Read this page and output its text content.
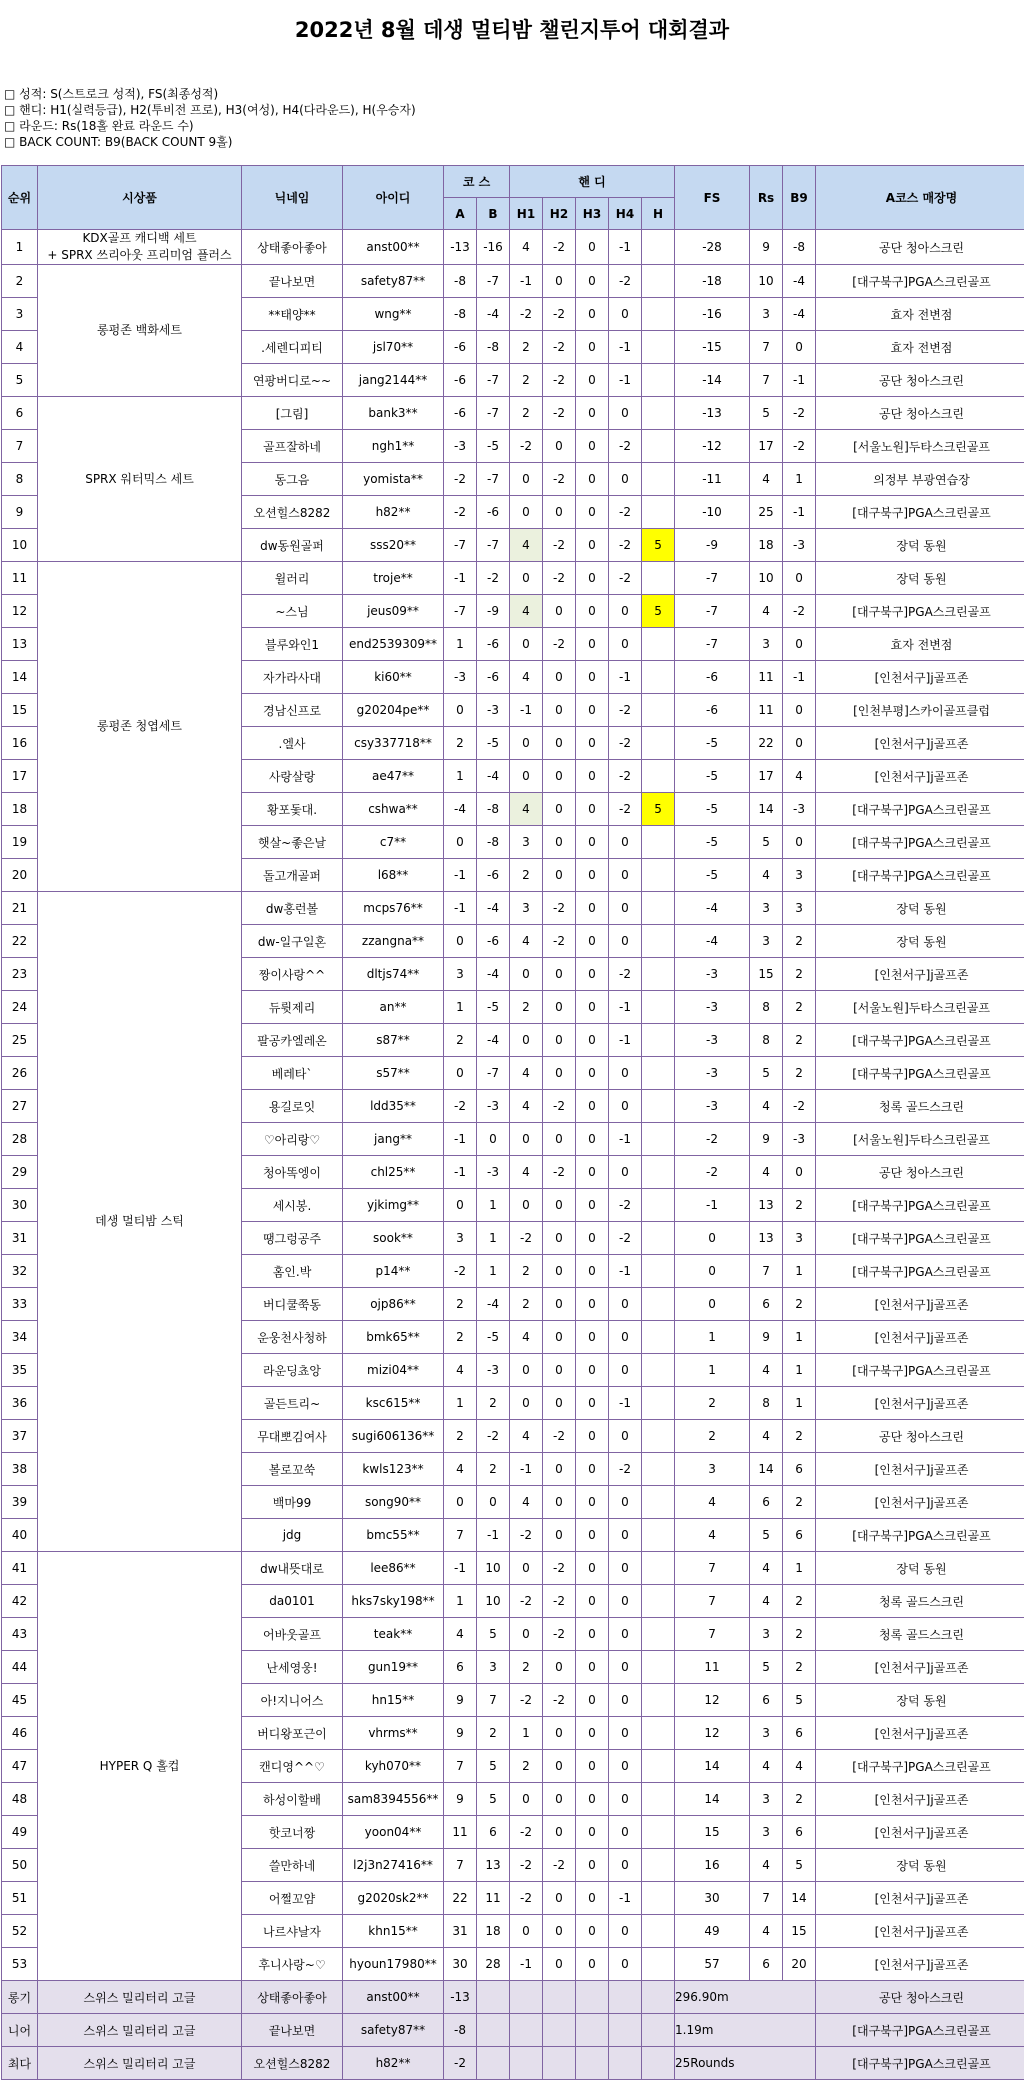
2022년 8월 데생 멀티밤 챌린지투어 대회결과
□ 성적: S(스트로크 성적), FS(최종성적)
□ 핸디: H1(실력등급), H2(투비전 프로), H3(여성), H4(다라운드), H(우승자)
□ 라운드: Rs(18홀 완료 라운드 수)
□ BACK COUNT: B9(BACK COUNT 9홀)
순위	시상품	닉네임	아이디	코 스		핸 디					FS	Rs	B9	A코스 매장명
				A	B	H1	H2	H3	H4	H				
1	KDX골프 캐디백 세트
+ SPRX 쓰리아웃 프리미엄 플러스	상태좋아좋아	anst00**	-13	-16	4	-2	0	-1		-28	9	-8	공단 청아스크린
2	롱펑존 백화세트	끝나보면	safety87**	-8	-7	-1	0	0	-2		-18	10	-4	[대구북구]PGA스크린골프
3		**태양**	wng**	-8	-4	-2	-2	0	0		-16	3	-4	효자 전변점
4		.세렌디피티	jsl70**	-6	-8	2	-2	0	-1		-15	7	0	효자 전변점
5		연팡버디로~~	jang2144**	-6	-7	2	-2	0	-1		-14	7	-1	공단 청아스크린
6	SPRX 워터믹스 세트	[그림]	bank3**	-6	-7	2	-2	0	0		-13	5	-2	공단 청아스크린
7		골프잘하네	ngh1**	-3	-5	-2	0	0	-2		-12	17	-2	[서울노원]두타스크린골프
8		동그음	yomista**	-2	-7	0	-2	0	0		-11	4	1	의정부 부광연습장
9		오션힐스8282	h82**	-2	-6	0	0	0	-2		-10	25	-1	[대구북구]PGA스크린골프
10		dw동원골퍼	sss20**	-7	-7	4	-2	0	-2	5	-9	18	-3	장덕 동원
11	롱펑존 청엽세트	윌러리	troje**	-1	-2	0	-2	0	-2		-7	10	0	장덕 동원
12		~스님	jeus09**	-7	-9	4	0	0	0	5	-7	4	-2	[대구북구]PGA스크린골프
13		블루와인1	end2539309**	1	-6	0	-2	0	0		-7	3	0	효자 전변점
14		자가라사대	ki60**	-3	-6	4	0	0	-1		-6	11	-1	[인천서구]j골프존
15		경남신프로	g20204pe**	0	-3	-1	0	0	-2		-6	11	0	[인천부평]스카이골프클럽
16		.엘사	csy337718**	2	-5	0	0	0	-2		-5	22	0	[인천서구]j골프존
17		사랑살랑	ae47**	1	-4	0	0	0	-2		-5	17	4	[인천서구]j골프존
18		황포돛대.	cshwa**	-4	-8	4	0	0	-2	5	-5	14	-3	[대구북구]PGA스크린골프
19		햇살~좋은날	c7**	0	-8	3	0	0	0		-5	5	0	[대구북구]PGA스크린골프
20		돌고개골퍼	l68**	-1	-6	2	0	0	0		-5	4	3	[대구북구]PGA스크린골프
21	데생 멀티밤 스틱	dw홍런볼	mcps76**	-1	-4	3	-2	0	0		-4	3	3	장덕 동원
22		dw-일구일혼	zzangna**	0	-6	4	-2	0	0		-4	3	2	장덕 동원
23		짱이사랑^^	dltjs74**	3	-4	0	0	0	-2		-3	15	2	[인천서구]j골프존
24		듀륏제리	an**	1	-5	2	0	0	-1		-3	8	2	[서울노원]두타스크린골프
25		팔공카엘레온	s87**	2	-4	0	0	0	-1		-3	8	2	[대구북구]PGA스크린골프
26		베레타`	s57**	0	-7	4	0	0	0		-3	5	2	[대구북구]PGA스크린골프
27		용길로잇	ldd35**	-2	-3	4	-2	0	0		-3	4	-2	청록 골드스크린
28		♡아리랑♡	jang**	-1	0	0	0	0	-1		-2	9	-3	[서울노원]두타스크린골프
29		청아똑엥이	chl25**	-1	-3	4	-2	0	0		-2	4	0	공단 청아스크린
30		세시봉.	yjkimg**	0	1	0	0	0	-2		-1	13	2	[대구북구]PGA스크린골프
31		땡그렁공주	sook**	3	1	-2	0	0	-2		0	13	3	[대구북구]PGA스크린골프
32		홈인.박	p14**	-2	1	2	0	0	-1		0	7	1	[대구북구]PGA스크린골프
33		버디쿨쭉동	ojp86**	2	-4	2	0	0	0		0	6	2	[인천서구]j골프존
34		운웅천사청하	bmk65**	2	-5	4	0	0	0		1	9	1	[인천서구]j골프존
35		라운딩쵸앙	mizi04**	4	-3	0	0	0	0		1	4	1	[대구북구]PGA스크린골프
36		골든트리~	ksc615**	1	2	0	0	0	-1		2	8	1	[인천서구]j골프존
37		무대뽀김여사	sugi606136**	2	-2	4	-2	0	0		2	4	2	공단 청아스크린
38		볼로꼬쑥	kwls123**	4	2	-1	0	0	-2		3	14	6	[인천서구]j골프존
39		백마99	song90**	0	0	4	0	0	0		4	6	2	[인천서구]j골프존
40		jdg	bmc55**	7	-1	-2	0	0	0		4	5	6	[대구북구]PGA스크린골프
41	HYPER Q 홀컵	dw내뜻대로	lee86**	-1	10	0	-2	0	0		7	4	1	장덕 동원
42		da0101	hks7sky198**	1	10	-2	-2	0	0		7	4	2	청록 골드스크린
43		어바웃골프	teak**	4	5	0	-2	0	0		7	3	2	청록 골드스크린
44		난세영웅!	gun19**	6	3	2	0	0	0		11	5	2	[인천서구]j골프존
45		아!지니어스	hn15**	9	7	-2	-2	0	0		12	6	5	장덕 동원
46		버디왕포근이	vhrms**	9	2	1	0	0	0		12	3	6	[인천서구]j골프존
47		캔디영^^♡	kyh070**	7	5	2	0	0	0		14	4	4	[대구북구]PGA스크린골프
48		하성이할배	sam8394556**	9	5	0	0	0	0		14	3	2	[인천서구]j골프존
49		핫코너짱	yoon04**	11	6	-2	0	0	0		15	3	6	[인천서구]j골프존
50		쓸만하네	l2j3n27416**	7	13	-2	-2	0	0		16	4	5	장덕 동원
51		어쩔꼬얌	g2020sk2**	22	11	-2	0	0	-1		30	7	14	[인천서구]j골프존
52		나르샤날자	khn15**	31	18	0	0	0	0		49	4	15	[인천서구]j골프존
53		후니사랑~♡	hyoun17980**	30	28	-1	0	0	0		57	6	20	[인천서구]j골프존
롱기	스위스 밀리터리 고글	상태좋아좋아	anst00**	-13							296.90m			공단 청아스크린
니어	스위스 밀리터리 고글	끝나보면	safety87**	-8							1.19m			[대구북구]PGA스크린골프
최다	스위스 밀리터리 고글	오션힐스8282	h82**	-2							25Rounds			[대구북구]PGA스크린골프
